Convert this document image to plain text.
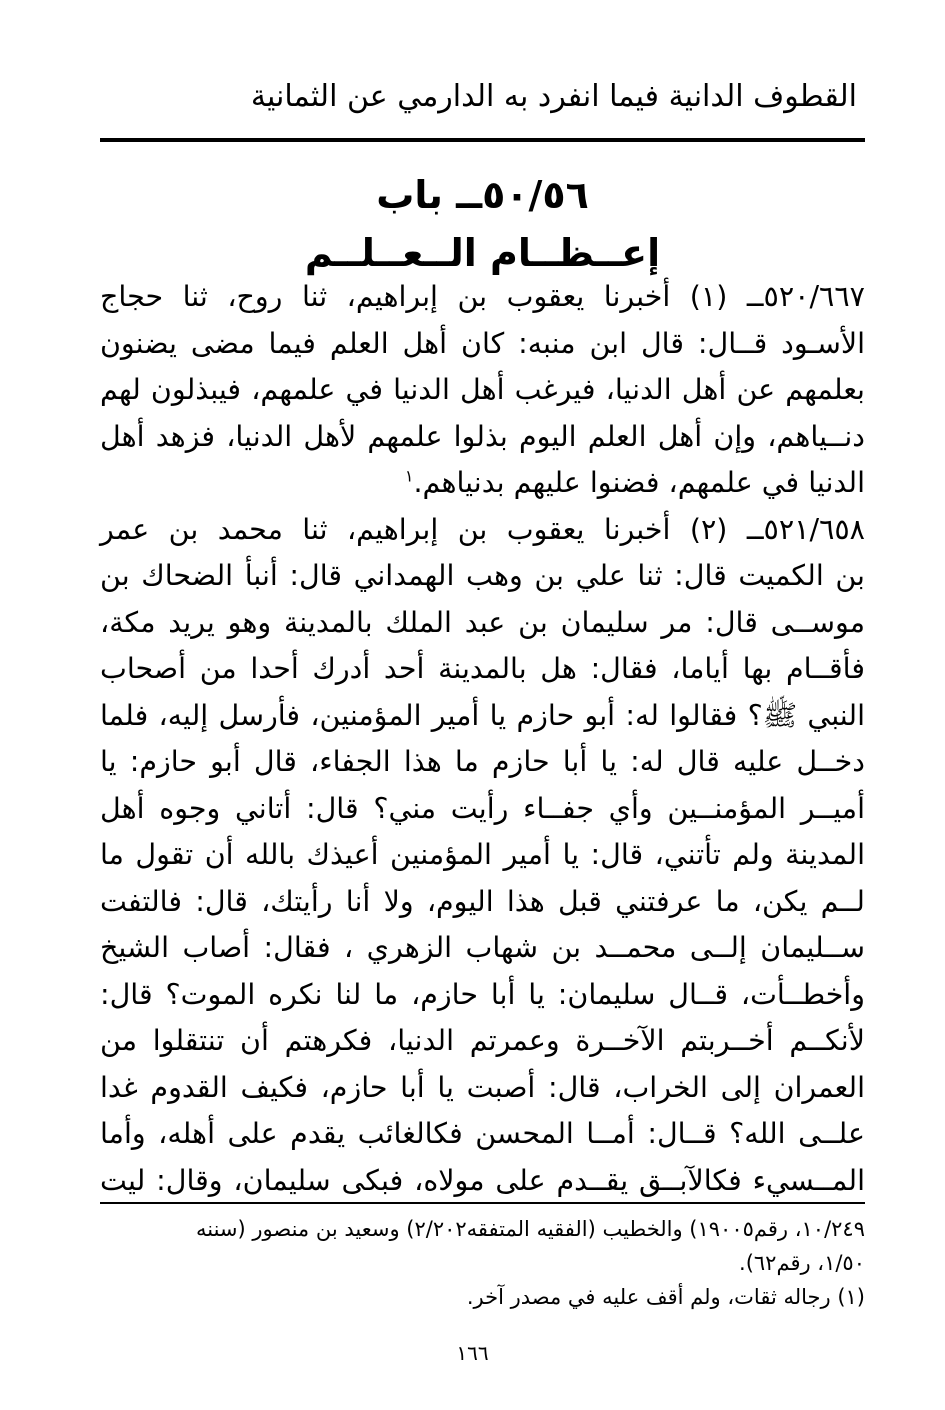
القطوف الدانية فيما انفرد به الدارمي عن الثمانية
٥٠/٥٦ــ باب
إعــظــام الــعــلــم
٥٢٠/٦٦٧ــ (١) أخبرنا يعقوب بن إبراهيم، ثنا روح، ثنا حجاج
الأسـود قــال: قال ابن منبه: كان أهل العلم فيما مضى يضنون
بعلمهم عن أهل الدنيا، فيرغب أهل الدنيا في علمهم، فيبذلون لهم
دنــياهم، وإن أهل العلم اليوم بذلوا علمهم لأهل الدنيا، فزهد أهل
الدنيا في علمهم، فضنوا عليهم بدنياهم.$^١$
٥٢١/٦٥٨ــ (٢) أخبرنا يعقوب بن إبراهيم، ثنا محمد بن عمر
بن الكميت قال: ثنا علي بن وهب الهمداني قال: أنبأ الضحاك بن
موســى قال: مر سليمان بن عبد الملك بالمدينة وهو يريد مكة،
فأقــام بها أياما، فقال: هل بالمدينة أحد أدرك أحدا من أصحاب
النبي ﷺ؟ فقالوا له: أبو حازم يا أمير المؤمنين، فأرسل إليه، فلما
دخــل عليه قال له: يا أبا حازم ما هذا الجفاء، قال أبو حازم: يا
أميــر المؤمنــين وأي جفــاء رأيت مني؟ قال: أتاني وجوه أهل
المدينة ولم تأتني، قال: يا أمير المؤمنين أعيذك بالله أن تقول ما
لــم يكن، ما عرفتني قبل هذا اليوم، ولا أنا رأيتك، قال: فالتفت
ســليمان إلــى محمــد بن شهاب الزهري ، فقال: أصاب الشيخ
وأخطــأت، قــال سليمان: يا أبا حازم، ما لنا نكره الموت؟ قال:
لأنكــم أخــربتم الآخــرة وعمرتم الدنيا، فكرهتم أن تنتقلوا من
العمران إلى الخراب، قال: أصبت يا أبا حازم، فكيف القدوم غدا
علــى الله؟ قــال: أمــا المحسن فكالغائب يقدم على أهله، وأما
المــسيء فكالآبــق يقــدم على مولاه، فبكى سليمان، وقال: ليت
١٠/٢٤٩، رقم١٩٠٠٥) والخطيب (الفقيه المتفقه٢/٢٠٢) وسعيد بن منصور (سننه
١/٥٠، رقم٦٢).
(١) رجاله ثقات، ولم أقف عليه في مصدر آخر.
١٦٦
